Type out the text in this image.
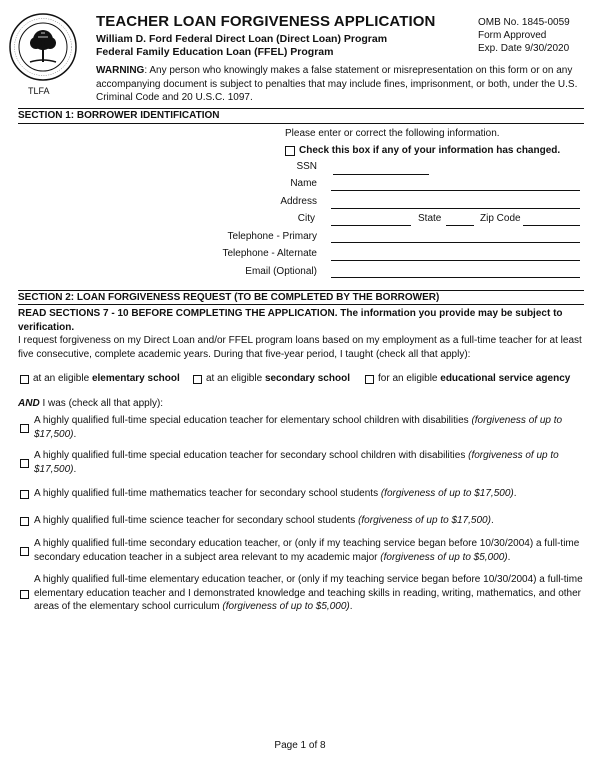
TLFA
TEACHER LOAN FORGIVENESS APPLICATION
William D. Ford Federal Direct Loan (Direct Loan) Program
Federal Family Education Loan (FFEL) Program
OMB No. 1845-0059
Form Approved
Exp. Date 9/30/2020
WARNING: Any person who knowingly makes a false statement or misrepresentation on this form or on any accompanying document is subject to penalties that may include fines, imprisonment, or both, under the U.S. Criminal Code and 20 U.S.C. 1097.
SECTION 1: BORROWER IDENTIFICATION
Please enter or correct the following information.
Check this box if any of your information has changed.
SSN
Name
Address
City	State	Zip Code
Telephone - Primary
Telephone - Alternate
Email (Optional)
SECTION 2: LOAN FORGIVENESS REQUEST (TO BE COMPLETED BY THE BORROWER)
READ SECTIONS 7 - 10 BEFORE COMPLETING THE APPLICATION. The information you provide may be subject to verification.
I request forgiveness on my Direct Loan and/or FFEL program loans based on my employment as a full-time teacher for at least five consecutive, complete academic years. During that five-year period, I taught (check all that apply):
at an eligible elementary school	at an eligible secondary school	for an eligible educational service agency
AND I was (check all that apply):
A highly qualified full-time special education teacher for elementary school children with disabilities (forgiveness of up to $17,500).
A highly qualified full-time special education teacher for secondary school children with disabilities (forgiveness of up to $17,500).
A highly qualified full-time mathematics teacher for secondary school students (forgiveness of up to $17,500).
A highly qualified full-time science teacher for secondary school students (forgiveness of up to $17,500).
A highly qualified full-time secondary education teacher, or (only if my teaching service began before 10/30/2004) a full-time secondary education teacher in a subject area relevant to my academic major (forgiveness of up to $5,000).
A highly qualified full-time elementary education teacher, or (only if my teaching service began before 10/30/2004) a full-time elementary education teacher and I demonstrated knowledge and teaching skills in reading, writing, mathematics, and other areas of the elementary school curriculum (forgiveness of up to $5,000).
Page 1 of 8
